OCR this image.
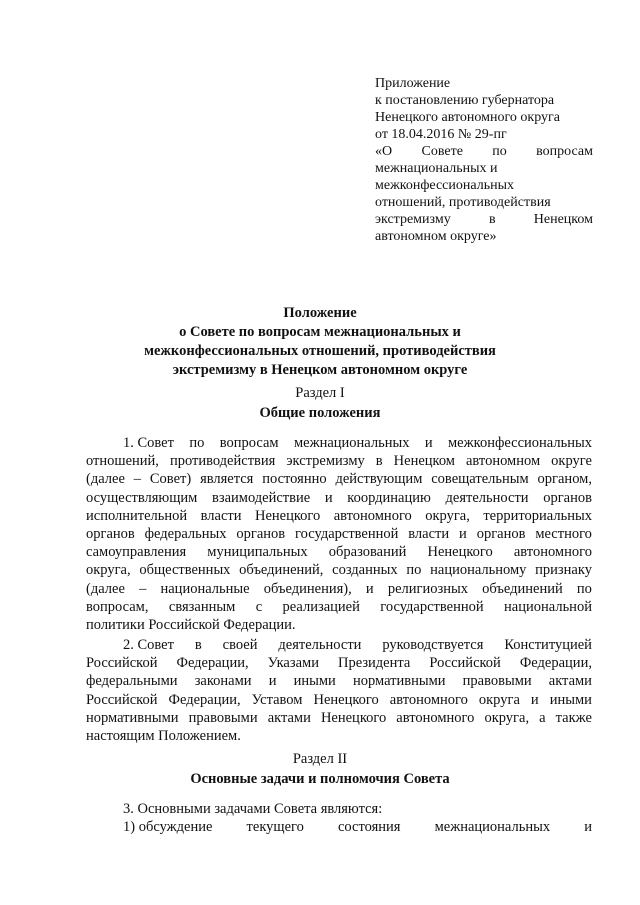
Приложение
к постановлению губернатора
Ненецкого автономного округа
от 18.04.2016 № 29-пг
«О Совете по вопросам
межнациональных и
межконфессиональных
отношений, противодействия
экстремизму	в	Ненецком
автономном округе»
Положение
о Совете по вопросам межнациональных и
межконфессиональных отношений, противодействия
экстремизму в Ненецком автономном округе
Раздел I
Общие положения
1. Совет по вопросам межнациональных и межконфессиональных
отношений, противодействия экстремизму в Ненецком автономном округе
(далее – Совет) является постоянно действующим совещательным органом,
осуществляющим взаимодействие и координацию деятельности органов
исполнительной власти Ненецкого автономного округа, территориальных
органов федеральных органов государственной власти и органов местного
самоуправления муниципальных образований Ненецкого автономного
округа, общественных объединений, созданных по национальному признаку
(далее – национальные объединения), и религиозных объединений по
вопросам, связанным с реализацией государственной национальной
политики Российской Федерации.
2. Совет в своей деятельности руководствуется Конституцией
Российской Федерации, Указами Президента Российской Федерации,
федеральными законами и иными нормативными правовыми актами
Российской Федерации, Уставом Ненецкого автономного округа и иными
нормативными правовыми актами Ненецкого автономного округа, а также
настоящим Положением.
Раздел II
Основные задачи и полномочия Совета
3. Основными задачами Совета являются:
1) обсуждение текущего состояния межнациональных и
